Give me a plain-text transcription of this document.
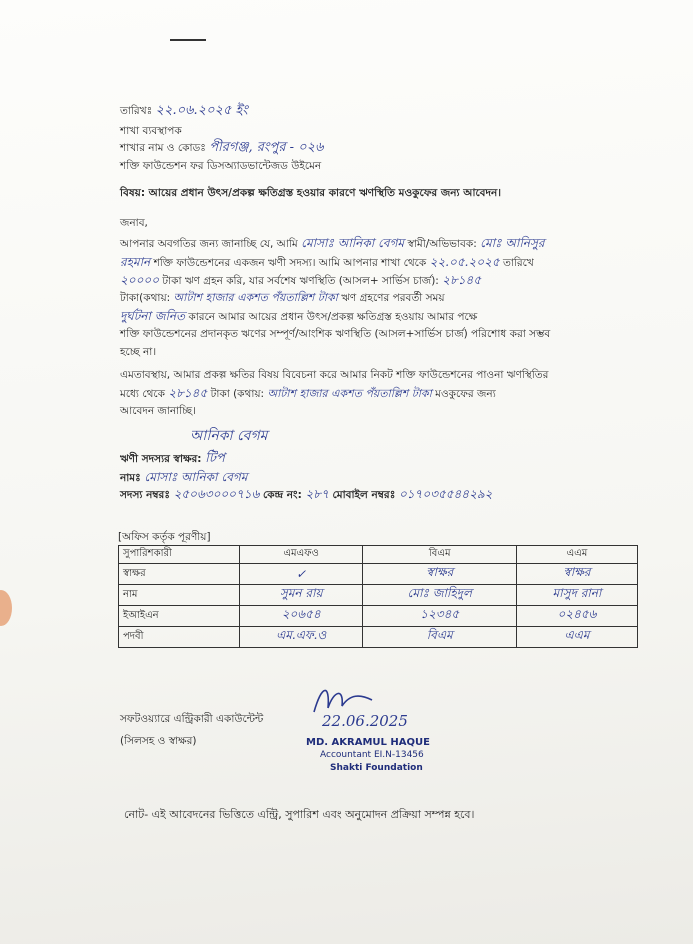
তারিখঃ ২২.০৬.২০২৫ ইং
শাখা ব্যবস্থাপক
শাখার নাম ও কোডঃ পীরগঞ্জ, রংপুর - ০২৬
শক্তি ফাউন্ডেশন ফর ডিসঅ্যাডভান্টেজড উইমেন
বিষয়: আয়ের প্রধান উৎস/প্রকল্প ক্ষতিগ্রস্ত হওয়ার কারণে ঋণস্থিতি মওকুফের জন্য আবেদন।
জনাব,
আপনার অবগতির জন্য জানাচ্ছি যে, আমি মোসাঃ আনিকা বেগম স্বামী/অভিভাবক: মোঃ আনিসুর
রহমান শক্তি ফাউন্ডেশনের একজন ঋণী সদস্য। আমি আপনার শাখা থেকে ২২.০৫.২০২৫ তারিখে
২০০০০ টাকা ঋণ গ্রহন করি, যার সর্বশেষ ঋণস্থিতি (আসল+ সার্ভিস চার্জ): ২৮১৪৫
টাকা(কথায়: আটাশ হাজার একশত পঁয়তাল্লিশ টাকা ঋণ গ্রহণের পরবর্তী সময়
দুর্ঘটনা জনিত কারনে আমার আয়ের প্রধান উৎস/প্রকল্প ক্ষতিগ্রস্ত হওয়ায় আমার পক্ষে
শক্তি ফাউন্ডেশনের প্রদানকৃত ঋণের সম্পূর্ণ/আংশিক ঋণস্থিতি (আসল+সার্ভিস চার্জ) পরিশোধ করা সম্ভব
হচ্ছে না।
এমতাবস্থায়, আমার প্রকল্প ক্ষতির বিষয় বিবেচনা করে আমার নিকট শক্তি ফাউন্ডেশনের পাওনা ঋণস্থিতির
মধ্যে থেকে ২৮১৪৫ টাকা (কথায়: আটাশ হাজার একশত পঁয়তাল্লিশ টাকা মওকুফের জন্য
আবেদন জানাচ্ছি।
আনিকা বেগম
ঋণী সদস্যর স্বাক্ষর: টিপ
নামঃ মোসাঃ আনিকা বেগম
সদস্য নম্বরঃ ২৫০৬৩০০০৭১৬ কেন্দ্র নং: ২৮৭ মোবাইল নম্বরঃ ০১৭০৩৫৫৪৪২৯২
[অফিস কর্তৃক পূরণীয়]
সুপারিশকারী	এমএফও	বিএম	এএম
স্বাক্ষর	✓	স্বাক্ষর	স্বাক্ষর
নাম	সুমন রায়	মোঃ জাহিদুল	মাসুদ রানা
ইআইএন	২০৬৫৪	১২৩৪৫	০২৪৫৬
পদবী	এম.এফ.ও	বিএম	এএম
সফটওয়্যারে এন্ট্রিকারী একাউন্টেন্ট
(সিলসহ ও স্বাক্ষর)
22.06.2025
MD. AKRAMUL HAQUE
Accountant EI.N-13456
Shakti Foundation
নোট- এই আবেদনের ভিত্তিতে এন্ট্রি, সুপারিশ এবং অনুমোদন প্রক্রিয়া সম্পন্ন হবে।
